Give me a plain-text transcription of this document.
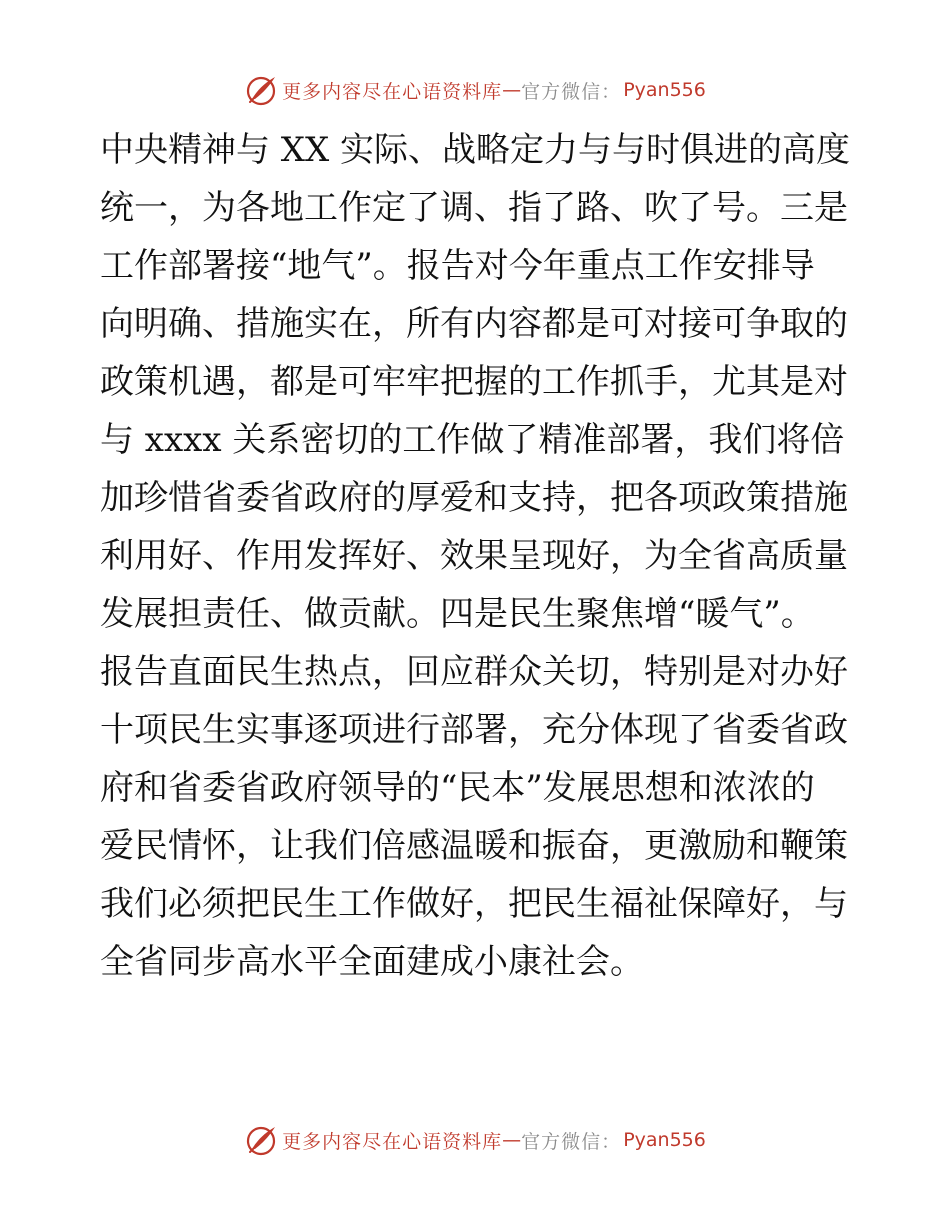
更多内容尽在心语资料库 — 官方微信： Pyan556
中央精神与 XX 实际、战略定力与与时俱进的高度
统一，为各地工作定了调、指了路、吹了号。三是
工作部署接“地气”。报告对今年重点工作安排导
向明确、措施实在，所有内容都是可对接可争取的
政策机遇，都是可牢牢把握的工作抓手，尤其是对
与 xxxx 关系密切的工作做了精准部署，我们将倍
加珍惜省委省政府的厚爱和支持，把各项政策措施
利用好、作用发挥好、效果呈现好，为全省高质量
发展担责任、做贡献。四是民生聚焦增“暖气”。
报告直面民生热点，回应群众关切，特别是对办好
十项民生实事逐项进行部署，充分体现了省委省政
府和省委省政府领导的“民本”发展思想和浓浓的
爱民情怀，让我们倍感温暖和振奋，更激励和鞭策
我们必须把民生工作做好，把民生福祉保障好，与
全省同步高水平全面建成小康社会。
更多内容尽在心语资料库 — 官方微信： Pyan556
